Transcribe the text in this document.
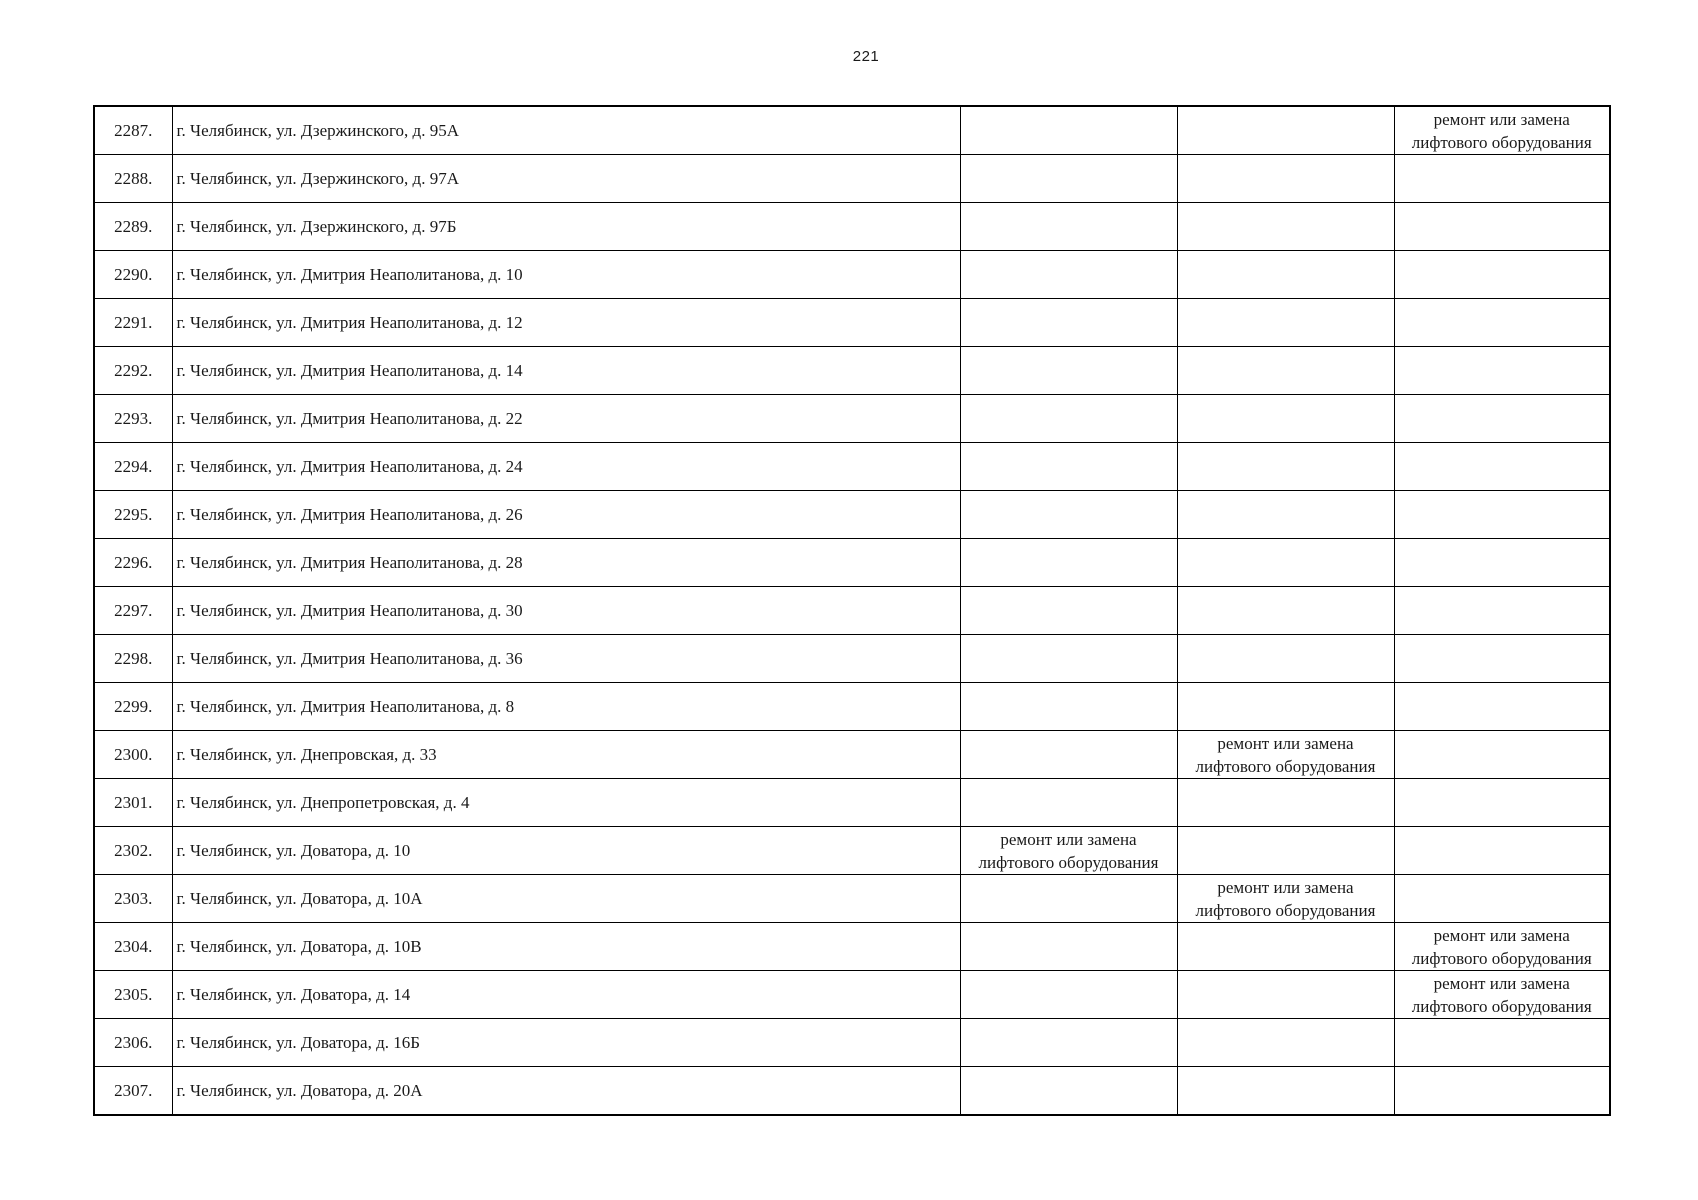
221
2287.	г. Челябинск, ул. Дзержинского, д. 95А			ремонт или замена
лифтового оборудования

2288.	г. Челябинск, ул. Дзержинского, д. 97А			
2289.	г. Челябинск, ул. Дзержинского, д. 97Б			
2290.	г. Челябинск, ул. Дмитрия Неаполитанова, д. 10			
2291.	г. Челябинск, ул. Дмитрия Неаполитанова, д. 12			
2292.	г. Челябинск, ул. Дмитрия Неаполитанова, д. 14			
2293.	г. Челябинск, ул. Дмитрия Неаполитанова, д. 22			
2294.	г. Челябинск, ул. Дмитрия Неаполитанова, д. 24			
2295.	г. Челябинск, ул. Дмитрия Неаполитанова, д. 26			
2296.	г. Челябинск, ул. Дмитрия Неаполитанова, д. 28			
2297.	г. Челябинск, ул. Дмитрия Неаполитанова, д. 30			
2298.	г. Челябинск, ул. Дмитрия Неаполитанова, д. 36			
2299.	г. Челябинск, ул. Дмитрия Неаполитанова, д. 8			
2300.	г. Челябинск, ул. Днепровская, д. 33		ремонт или замена
лифтового оборудования	

2301.	г. Челябинск, ул. Днепропетровская, д. 4			
2302.	г. Челябинск, ул. Доватора, д. 10	ремонт или замена
лифтового оборудования		

2303.	г. Челябинск, ул. Доватора, д. 10А		ремонт или замена
лифтового оборудования	

2304.	г. Челябинск, ул. Доватора, д. 10В			ремонт или замена
лифтового оборудования

2305.	г. Челябинск, ул. Доватора, д. 14			ремонт или замена
лифтового оборудования

2306.	г. Челябинск, ул. Доватора, д. 16Б			
2307.	г. Челябинск, ул. Доватора, д. 20А			
